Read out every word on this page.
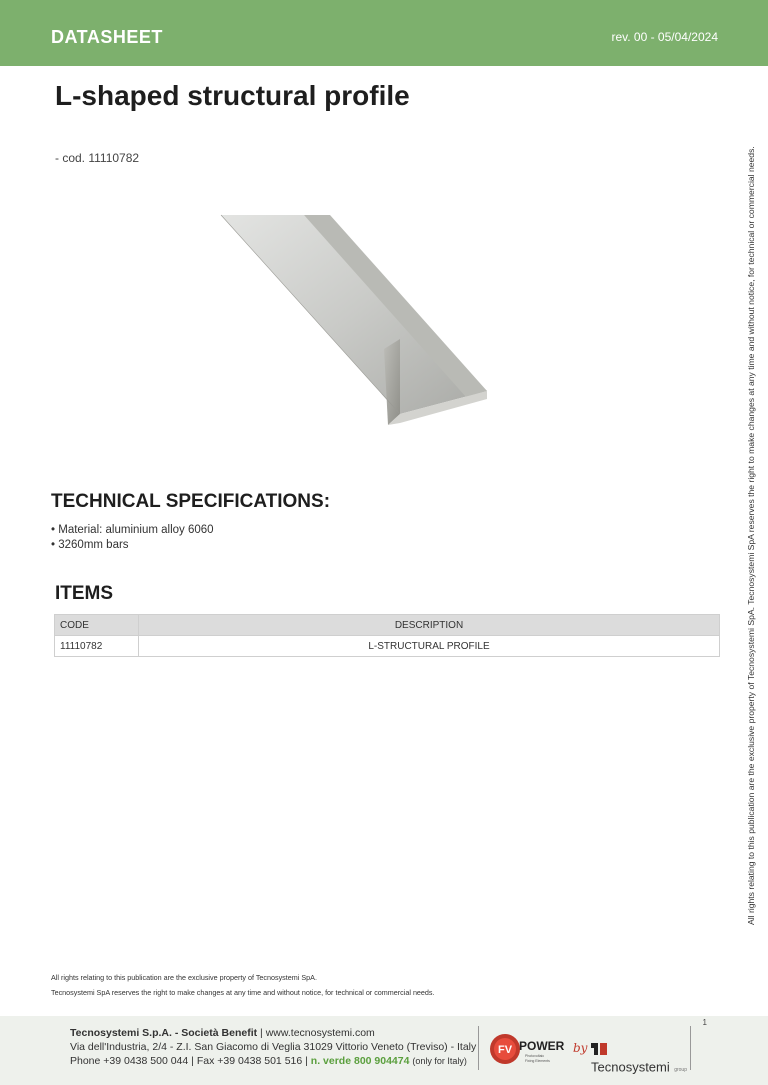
DATASHEET	rev. 00 - 05/04/2024
L-shaped structural profile
- cod. 11110782
TECHNICAL SPECIFICATIONS:
• Material: aluminium alloy 6060
• 3260mm bars
ITEMS
CODE	DESCRIPTION
11110782	L-STRUCTURAL PROFILE	All rights relating to this publication are the exclusive property of Tecnosystemi SpA. Tecnosystemi SpA reserves the right to make changes at any time and without notice, for technical or commercial needs.
All rights relating to this publication are the exclusive property of Tecnosystemi SpA.
Tecnosystemi SpA reserves the right to make changes at any time and without notice, for technical or commercial needs.
Tecnosystemi S.p.A. - Società Benefit | www.tecnosystemi.com
Via dell'Industria, 2/4 - Z.I. San Giacomo di Veglia 31029 Vittorio Veneto (Treviso) - Italy
Phone +39 0438 500 044 | Fax +39 0438 501 516 | n. verde 800 904474 (only for Italy)
FV POWER
Photovoltaic
Fixing Elements
by
Tecnosystemi group
1
